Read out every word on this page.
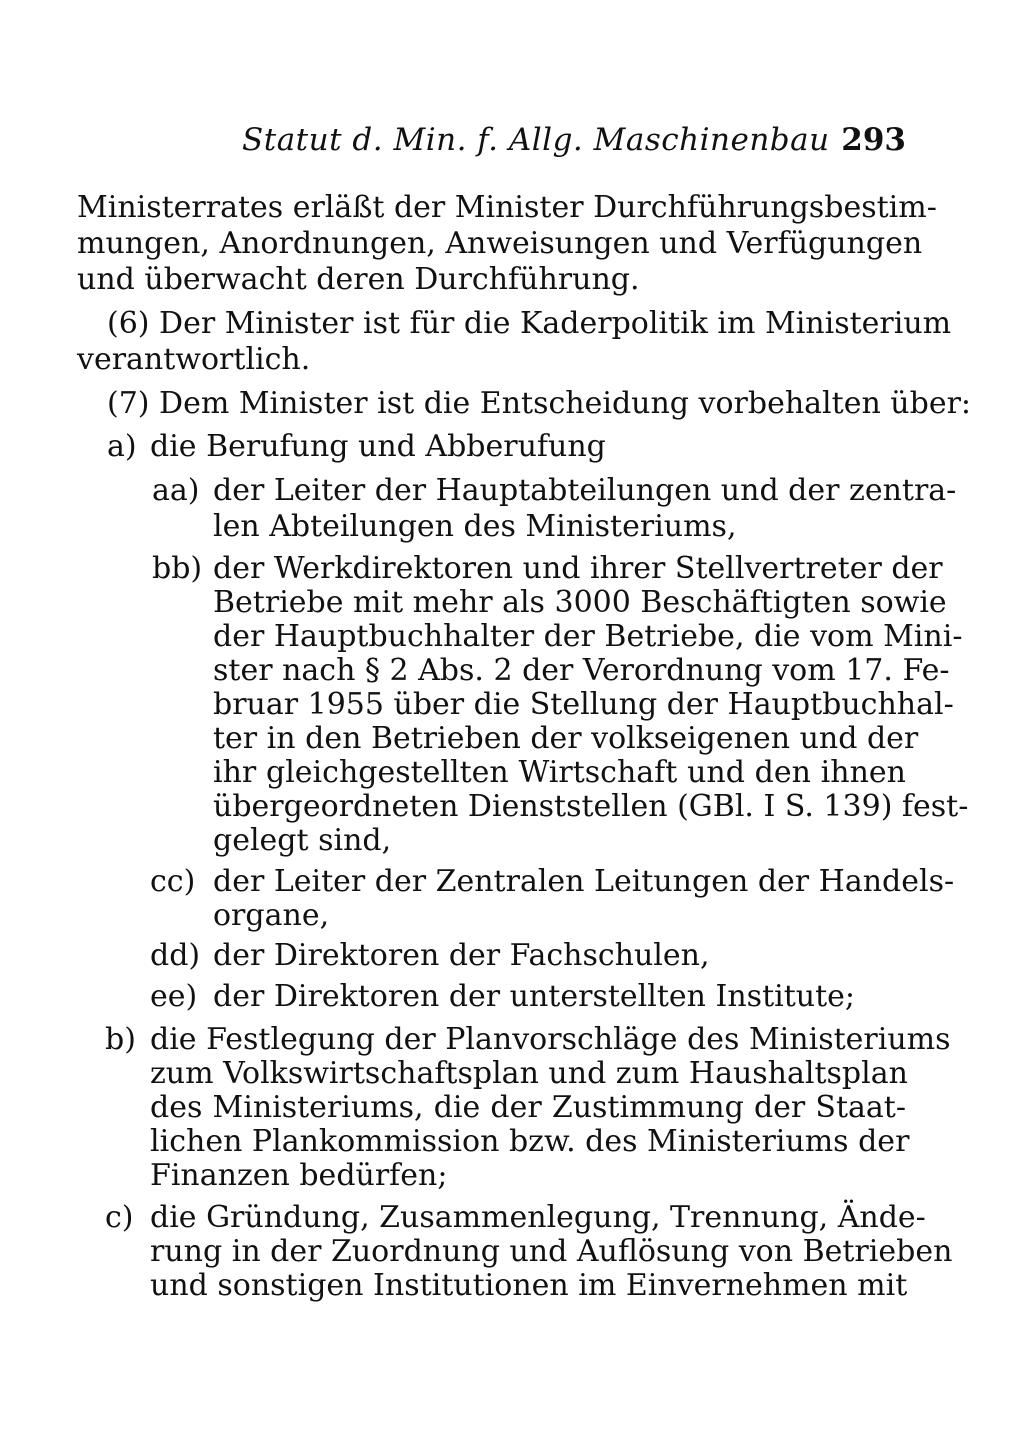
Statut d. Min. f. Allg. Maschinenbau 293
Ministerrates erläßt der Minister Durchführungsbestim-
mungen, Anordnungen, Anweisungen und Verfügungen
und überwacht deren Durchführung.
(6) Der Minister ist für die Kaderpolitik im Ministerium
verantwortlich.
(7) Dem Minister ist die Entscheidung vorbehalten über:
a) die Berufung und Abberufung
aa) der Leiter der Hauptabteilungen und der zentra-
len Abteilungen des Ministeriums,
bb) der Werkdirektoren und ihrer Stellvertreter der
Betriebe mit mehr als 3000 Beschäftigten sowie
der Hauptbuchhalter der Betriebe, die vom Mini-
ster nach § 2 Abs. 2 der Verordnung vom 17. Fe-
bruar 1955 über die Stellung der Hauptbuchhal-
ter in den Betrieben der volkseigenen und der
ihr gleichgestellten Wirtschaft und den ihnen
übergeordneten Dienststellen (GBl. I S. 139) fest-
gelegt sind,
cc) der Leiter der Zentralen Leitungen der Handels-
organe,
dd) der Direktoren der Fachschulen,
ee) der Direktoren der unterstellten Institute;
b) die Festlegung der Planvorschläge des Ministeriums
zum Volkswirtschaftsplan und zum Haushaltsplan
des Ministeriums, die der Zustimmung der Staat-
lichen Plankommission bzw. des Ministeriums der
Finanzen bedürfen;
c) die Gründung, Zusammenlegung, Trennung, Ände-
rung in der Zuordnung und Auflösung von Betrieben
und sonstigen Institutionen im Einvernehmen mit
